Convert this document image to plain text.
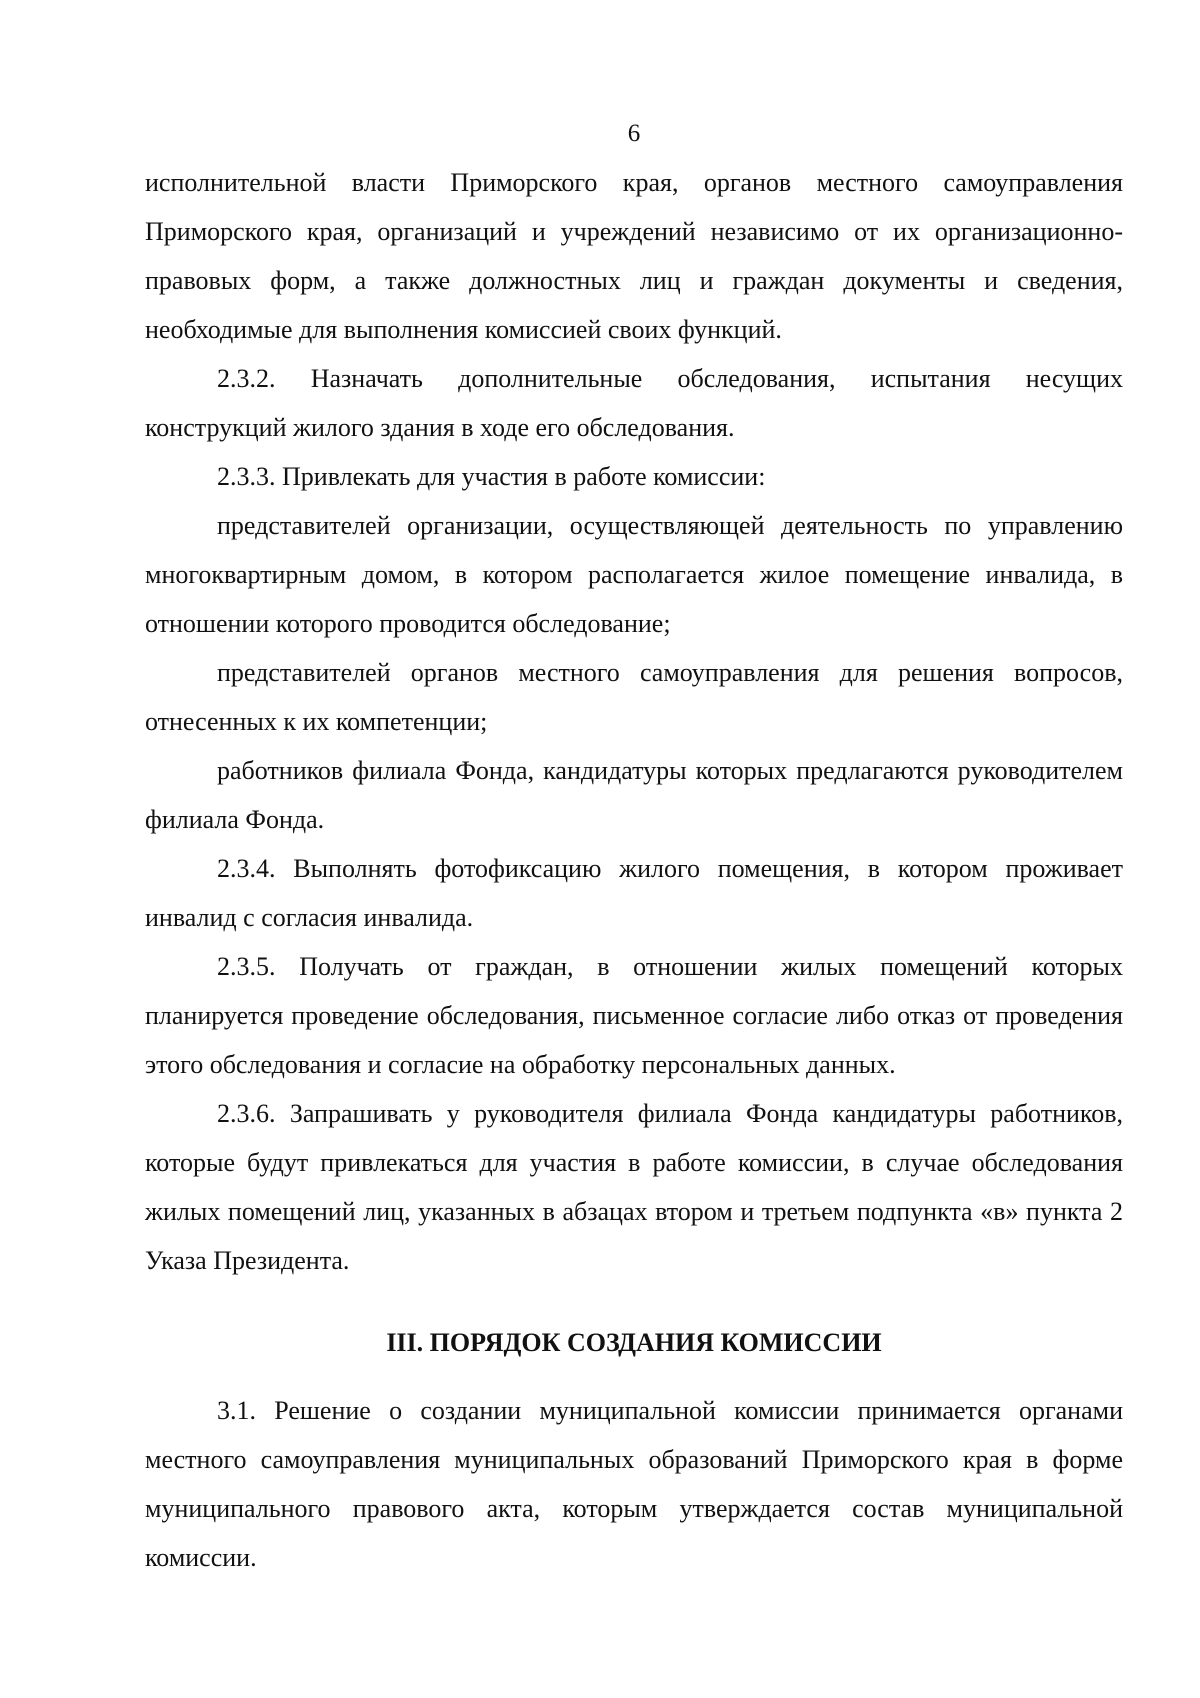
6

исполнительной власти Приморского края, органов местного самоуправления Приморского края, организаций и учреждений независимо от их организационно-правовых форм, а также должностных лиц и граждан документы и сведения, необходимые для выполнения комиссией своих функций.

2.3.2. Назначать дополнительные обследования, испытания несущих конструкций жилого здания в ходе его обследования.

2.3.3. Привлекать для участия в работе комиссии:

представителей организации, осуществляющей деятельность по управлению многоквартирным домом, в котором располагается жилое помещение инвалида, в отношении которого проводится обследование;

представителей органов местного самоуправления для решения вопросов, отнесенных к их компетенции;

работников филиала Фонда, кандидатуры которых предлагаются руководителем филиала Фонда.

2.3.4. Выполнять фотофиксацию жилого помещения, в котором проживает инвалид с согласия инвалида.

2.3.5. Получать от граждан, в отношении жилых помещений которых планируется проведение обследования, письменное согласие либо отказ от проведения этого обследования и согласие на обработку персональных данных.

2.3.6. Запрашивать у руководителя филиала Фонда кандидатуры работников, которые будут привлекаться для участия в работе комиссии, в случае обследования жилых помещений лиц, указанных в абзацах втором и третьем подпункта «в» пункта 2 Указа Президента.

III. ПОРЯДОК СОЗДАНИЯ КОМИССИИ

3.1. Решение о создании муниципальной комиссии принимается органами местного самоуправления муниципальных образований Приморского края в форме муниципального правового акта, которым утверждается состав муниципальной комиссии.
